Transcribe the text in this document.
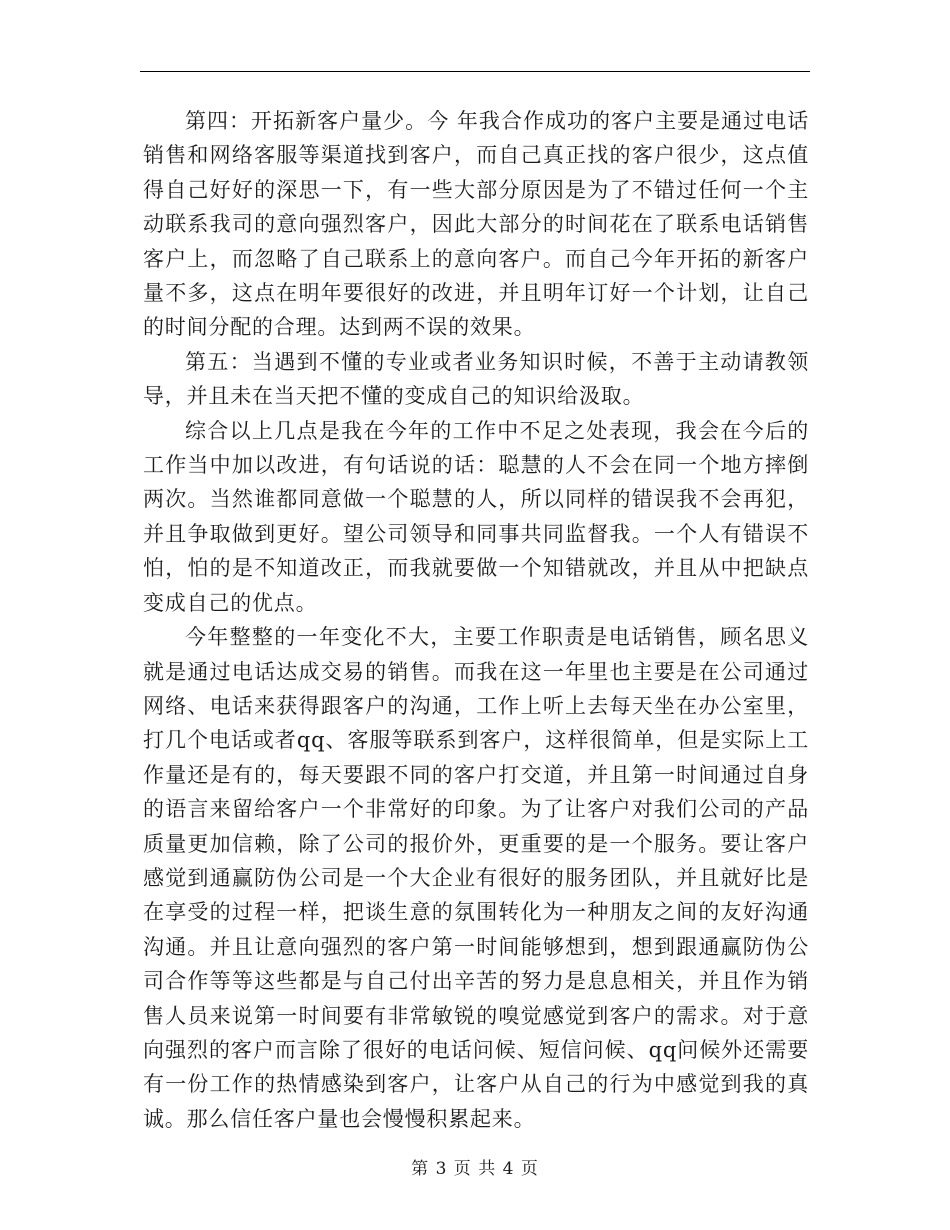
第四：开拓新客户量少。今 年我合作成功的客户主要是通过电话销售和网络客服等渠道找到客户，而自己真正找的客户很少，这点值得自己好好的深思一下，有一些大部分原因是为了不错过任何一个主动联系我司的意向强烈客户，因此大部分的时间花在了联系电话销售客户上，而忽略了自己联系上的意向客户。而自己今年开拓的新客户量不多，这点在明年要很好的改进，并且明年订好一个计划，让自己的时间分配的合理。达到两不误的效果。

第五：当遇到不懂的专业或者业务知识时候，不善于主动请教领导，并且未在当天把不懂的变成自己的知识给汲取。

综合以上几点是我在今年的工作中不足之处表现，我会在今后的工作当中加以改进，有句话说的话：聪慧的人不会在同一个地方摔倒两次。当然谁都同意做一个聪慧的人，所以同样的错误我不会再犯，并且争取做到更好。望公司领导和同事共同监督我。一个人有错误不怕，怕的是不知道改正，而我就要做一个知错就改，并且从中把缺点变成自己的优点。

今年整整的一年变化不大，主要工作职责是电话销售，顾名思义就是通过电话达成交易的销售。而我在这一年里也主要是在公司通过网络、电话来获得跟客户的沟通，工作上听上去每天坐在办公室里，打几个电话或者qq、客服等联系到客户，这样很简单，但是实际上工作量还是有的，每天要跟不同的客户打交道，并且第一时间通过自身的语言来留给客户一个非常好的印象。为了让客户对我们公司的产品质量更加信赖，除了公司的报价外，更重要的是一个服务。要让客户感觉到通赢防伪公司是一个大企业有很好的服务团队，并且就好比是在享受的过程一样，把谈生意的氛围转化为一种朋友之间的友好沟通沟通。并且让意向强烈的客户第一时间能够想到，想到跟通赢防伪公司合作等等这些都是与自己付出辛苦的努力是息息相关，并且作为销售人员来说第一时间要有非常敏锐的嗅觉感觉到客户的需求。对于意向强烈的客户而言除了很好的电话问候、短信问候、qq问候外还需要有一份工作的热情感染到客户，让客户从自己的行为中感觉到我的真诚。那么信任客户量也会慢慢积累起来。

第 3 页 共 4 页
